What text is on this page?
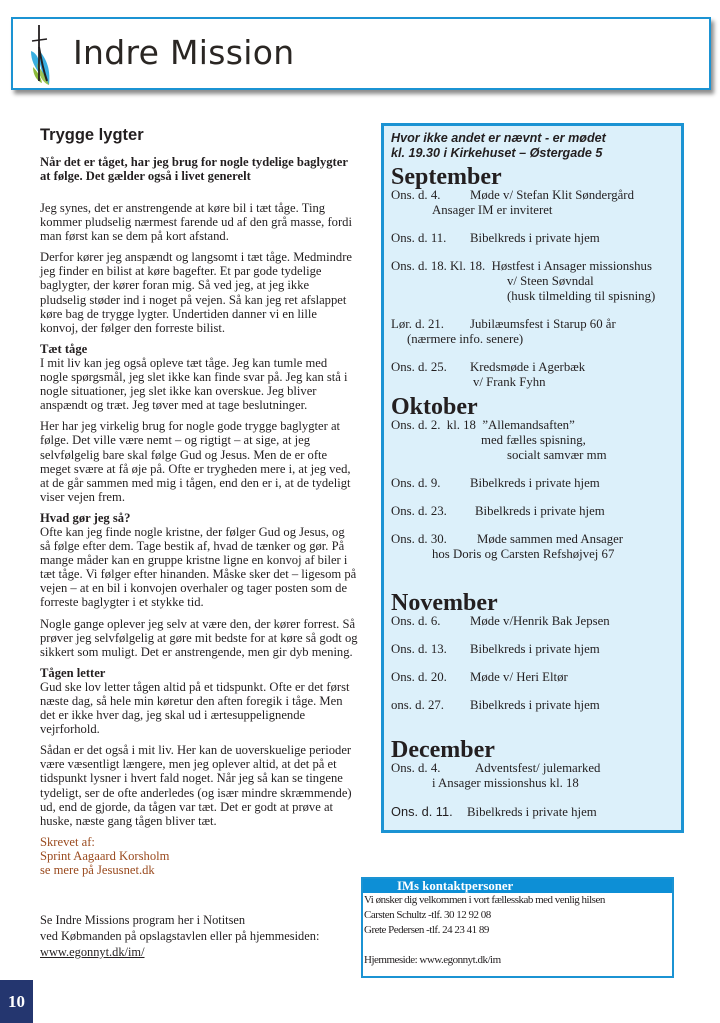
Indre Mission
Trygge lygter
Når det er tåget, har jeg brug for nogle tydelige baglygter at følge. Det gælder også i livet generelt

Jeg synes, det er anstrengende at køre bil i tæt tåge. Ting kommer pludselig nærmest farende ud af den grå masse, fordi man først kan se dem på kort afstand.

Derfor kører jeg anspændt og langsomt i tæt tåge. Medmindre jeg finder en bilist at køre bagefter. Et par gode tydelige baglygter, der kører foran mig. Så ved jeg, at jeg ikke pludselig støder ind i noget på vejen. Så kan jeg ret afslappet køre bag de trygge lygter. Undertiden danner vi en lille konvoj, der følger den forreste bilist.

Tæt tåge

I mit liv kan jeg også opleve tæt tåge. Jeg kan tumle med nogle spørgsmål, jeg slet ikke kan finde svar på. Jeg kan stå i nogle situationer, jeg slet ikke kan overskue. Jeg bliver anspændt og træt. Jeg tøver med at tage beslutninger.

Her har jeg virkelig brug for nogle gode trygge baglygter at følge. Det ville være nemt – og rigtigt – at sige, at jeg selvfølgelig bare skal følge Gud og Jesus. Men de er ofte meget svære at få øje på. Ofte er trygheden mere i, at jeg ved, at de går sammen med mig i tågen, end den er i, at de tydeligt viser vejen frem.

Hvad gør jeg så?

Ofte kan jeg finde nogle kristne, der følger Gud og Jesus, og så følge efter dem. Tage bestik af, hvad de tænker og gør. På mange måder kan en gruppe kristne ligne en konvoj af biler i tæt tåge. Vi følger efter hinanden. Måske sker det – ligesom på vejen – at en bil i konvojen overhaler og tager posten som de forreste baglygter i et stykke tid.

Nogle gange oplever jeg selv at være den, der kører forrest. Så prøver jeg selvfølgelig at gøre mit bedste for at køre så godt og sikkert som muligt. Det er anstrengende, men gir dyb mening.

Tågen letter

Gud ske lov letter tågen altid på et tidspunkt. Ofte er det først næste dag, så hele min køretur den aften foregik i tåge. Men det er ikke hver dag, jeg skal ud i ærtesuppelignende vejrforhold.

Sådan er det også i mit liv. Her kan de uoverskuelige perioder være væsentligt længere, men jeg oplever altid, at det på et tidspunkt lysner i hvert fald noget. Når jeg så kan se tingene tydeligt, ser de ofte anderledes (og især mindre skræmmende) ud, end de gjorde, da tågen var tæt. Det er godt at prøve at huske, næste gang tågen bliver tæt.

Skrevet af:
Sprint Aagaard Korsholm
se mere på Jesusnet.dk
Se Indre Missions program her i Notitsen
ved Købmanden på opslagstavlen eller på hjemmesiden:
www.egonnyt.dk/im/
10
Hvor ikke andet er nævnt - er mødet
kl. 19.30 i Kirkehuset – Østergade 5
September
Ons. d. 4. Møde v/ Stefan Klit Søndergård
Ansager IM er inviteret
Ons. d. 11. Bibelkreds i private hjem
Ons. d. 18. Kl. 18. Høstfest i Ansager missionshus
v/ Steen Søvndal
(husk tilmelding til spisning)
Lør. d. 21. Jubilæumsfest i Starup 60 år
(nærmere info. senere)
Ons. d. 25. Kredsmøde i Agerbæk
v/ Frank Fyhn
Oktober
Ons. d. 2.  kl. 18 ”Allemandsaften”
med fælles spisning,
socialt samvær mm
Ons. d. 9. Bibelkreds i private hjem
Ons. d. 23. Bibelkreds i private hjem
Ons. d. 30. Møde sammen med Ansager
hos Doris og Carsten Refshøjvej 67
November
Ons. d. 6. Møde v/Henrik Bak Jepsen
Ons. d. 13. Bibelkreds i private hjem
Ons. d. 20. Møde v/ Heri Eltør
ons. d. 27. Bibelkreds i private hjem
December
Ons. d. 4.	Adventsfest/ julemarked
i Ansager missionshus kl. 18
Ons. d. 11. Bibelkreds i private hjem
IMs kontaktpersoner
Vi ønsker dig velkommen i vort fællesskab med venlig hilsen
Carsten Schultz -tlf. 30 12 92 08
Grete Pedersen -tlf. 24 23 41 89
Hjemmeside: www.egonnyt.dk/im
